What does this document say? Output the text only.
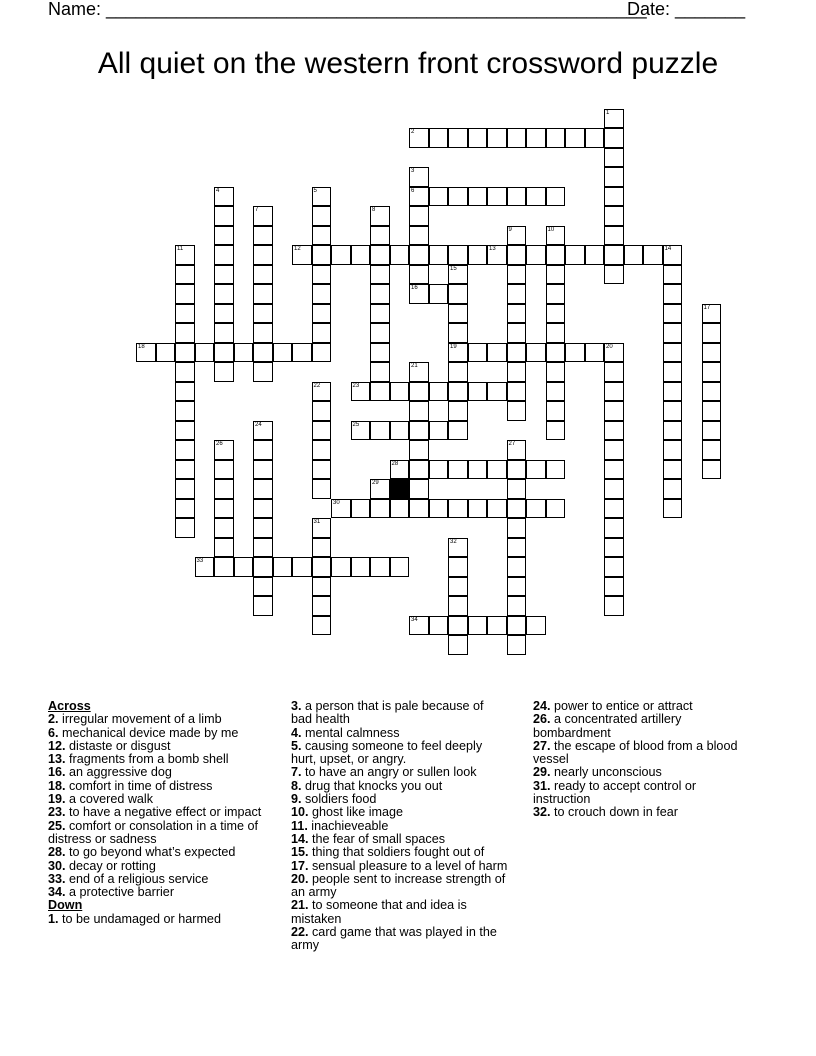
Name: ______________________________________________________
Date: _______
All quiet on the western front crossword puzzle
2
6
12	13
16
18	19
23
25
28
29
30
33
34
1
3
4	5
7	8
9	10
11	14
15
17
20
21
22
24
26	27
31
32
Across
2. irregular movement of a limb
6. mechanical device made by me
12. distaste or disgust
13. fragments from a bomb shell
16. an aggressive dog
18. comfort in time of distress
19. a covered walk
23. to have a negative effect or impact
25. comfort or consolation in a time of
distress or sadness
28. to go beyond what’s expected
30. decay or rotting
33. end of a religious service
34. a protective barrier
Down
1. to be undamaged or harmed
3. a person that is pale because of
bad health
4. mental calmness
5. causing someone to feel deeply
hurt, upset, or angry.
7. to have an angry or sullen look
8. drug that knocks you out
9. soldiers food
10. ghost like image
11. inachieveable
14. the fear of small spaces
15. thing that soldiers fought out of
17. sensual pleasure to a level of harm
20. people sent to increase strength of
an army
21. to someone that and idea is
mistaken
22. card game that was played in the
army
24. power to entice or attract
26. a concentrated artillery
bombardment
27. the escape of blood from a blood
vessel
29. nearly unconscious
31. ready to accept control or
instruction
32. to crouch down in fear
